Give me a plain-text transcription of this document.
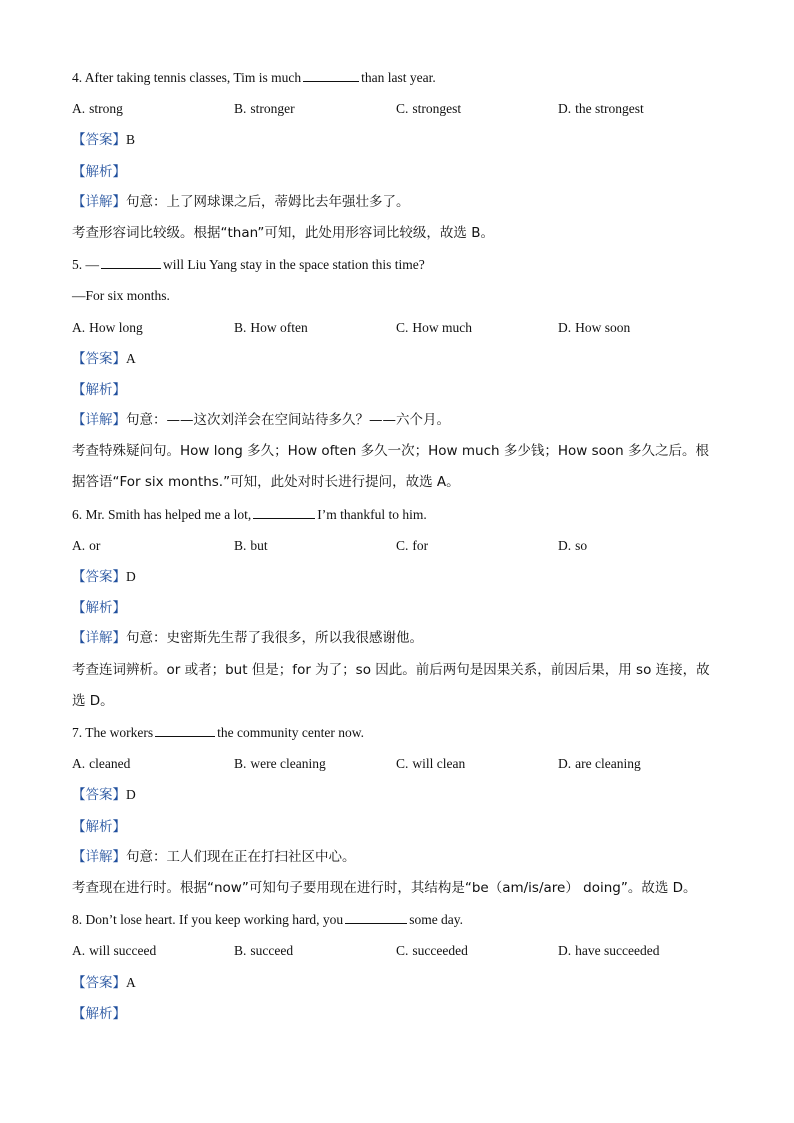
4. After taking tennis classes, Tim is much	than last year.
A. strong	B. stronger	C. strongest	D. the strongest
【答案】B
【解析】
【详解】句意：上了网球课之后，蒂姆比去年强壮多了。
考查形容词比较级。根据“than”可知，此处用形容词比较级，故选 B。
5. —	will Liu Yang stay in the space station this time?
—For six months.
A. How long	B. How often	C. How much	D. How soon
【答案】A
【解析】
【详解】句意：——这次刘洋会在空间站待多久？——六个月。
考查特殊疑问句。How long 多久；How often 多久一次；How much 多少钱；How soon 多久之后。根据答语“For six months.”可知，此处对时长进行提问，故选 A。
6. Mr. Smith has helped me a lot,	I’m thankful to him.
A. or	B. but	C. for	D. so
【答案】D
【解析】
【详解】句意：史密斯先生帮了我很多，所以我很感谢他。
考查连词辨析。or 或者；but 但是；for 为了；so 因此。前后两句是因果关系，前因后果，用 so 连接，故选 D。
7. The workers	the community center now.
A. cleaned	B. were cleaning	C. will clean	D. are cleaning
【答案】D
【解析】
【详解】句意：工人们现在正在打扫社区中心。
考查现在进行时。根据“now”可知句子要用现在进行时，其结构是“be（am/is/are） doing”。故选 D。
8. Don’t lose heart. If you keep working hard, you	some day.
A. will succeed	B. succeed	C. succeeded	D. have succeeded
【答案】A
【解析】
